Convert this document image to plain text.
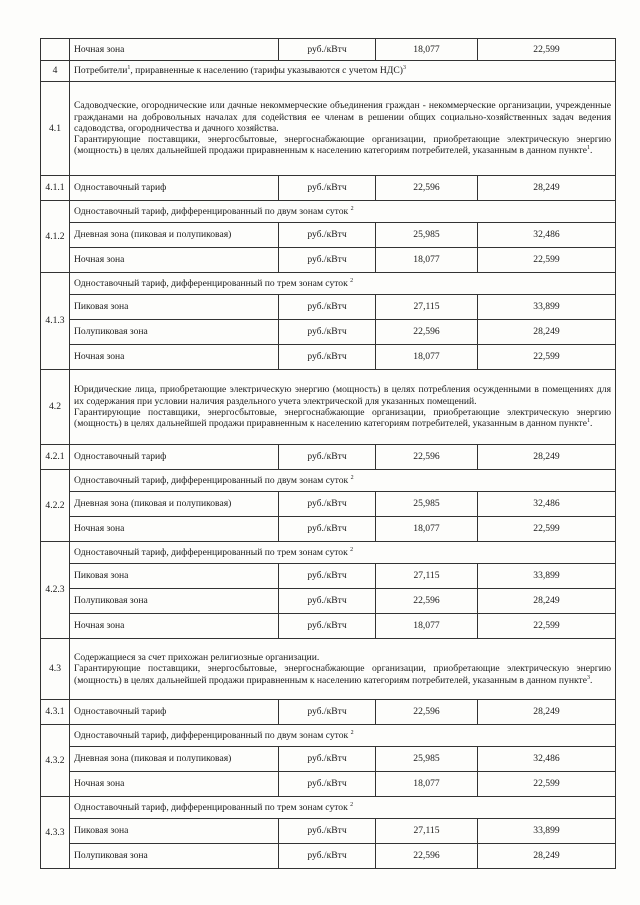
	Ночная зона	руб./кВтч	18,077	22,599
4	Потребители$^1$, приравненные к населению (тарифы указываются с учетом НДС)$^3$
4.1	Садоводческие, огороднические или дачные некоммерческие объединения граждан - некоммерческие организации, учрежденные гражданами на добровольных началах для содействия ее членам в решении общих социально-хозяйственных задач ведения садоводства, огородничества и дачного хозяйства.
Гарантирующие поставщики, энергосбытовые, энергоснабжающие организации, приобретающие электрическую энергию (мощность) в целях дальнейшей продажи приравненным к населению категориям потребителей, указанным в данном пункте$^1$.			
4.1.1	Одноставочный тариф	руб./кВтч	22,596	28,249
4.1.2	Одноставочный тариф, дифференцированный по двум зонам суток $^2$
	Дневная зона (пиковая и полупиковая)	руб./кВтч	25,985	32,486
	Ночная зона	руб./кВтч	18,077	22,599
4.1.3	Одноставочный тариф, дифференцированный по трем зонам суток $^2$
	Пиковая зона	руб./кВтч	27,115	33,899
	Полупиковая зона	руб./кВтч	22,596	28,249
	Ночная зона	руб./кВтч	18,077	22,599
4.2	Юридические лица, приобретающие электрическую энергию (мощность) в целях потребления осужденными в помещениях для их содержания при условии наличия раздельного учета электрической для указанных помещений.
Гарантирующие поставщики, энергосбытовые, энергоснабжающие организации, приобретающие электрическую энергию (мощность) в целях дальнейшей продажи приравненным к населению категориям потребителей, указанным в данном пункте$^1$.			
4.2.1	Одноставочный тариф	руб./кВтч	22,596	28,249
4.2.2	Одноставочный тариф, дифференцированный по двум зонам суток $^2$
	Дневная зона (пиковая и полупиковая)	руб./кВтч	25,985	32,486
	Ночная зона	руб./кВтч	18,077	22,599
4.2.3	Одноставочный тариф, дифференцированный по трем зонам суток $^2$
	Пиковая зона	руб./кВтч	27,115	33,899
	Полупиковая зона	руб./кВтч	22,596	28,249
	Ночная зона	руб./кВтч	18,077	22,599
4.3	Содержащиеся за счет прихожан религиозные организации.
Гарантирующие поставщики, энергосбытовые, энергоснабжающие организации, приобретающие электрическую энергию (мощность) в целях дальнейшей продажи приравненным к населению категориям потребителей, указанным в данном пункте$^3$.			
4.3.1	Одноставочный тариф	руб./кВтч	22,596	28,249
4.3.2	Одноставочный тариф, дифференцированный по двум зонам суток $^2$
	Дневная зона (пиковая и полупиковая)	руб./кВтч	25,985	32,486
	Ночная зона	руб./кВтч	18,077	22,599
4.3.3	Одноставочный тариф, дифференцированный по трем зонам суток $^2$
	Пиковая зона	руб./кВтч	27,115	33,899
	Полупиковая зона	руб./кВтч	22,596	28,249
